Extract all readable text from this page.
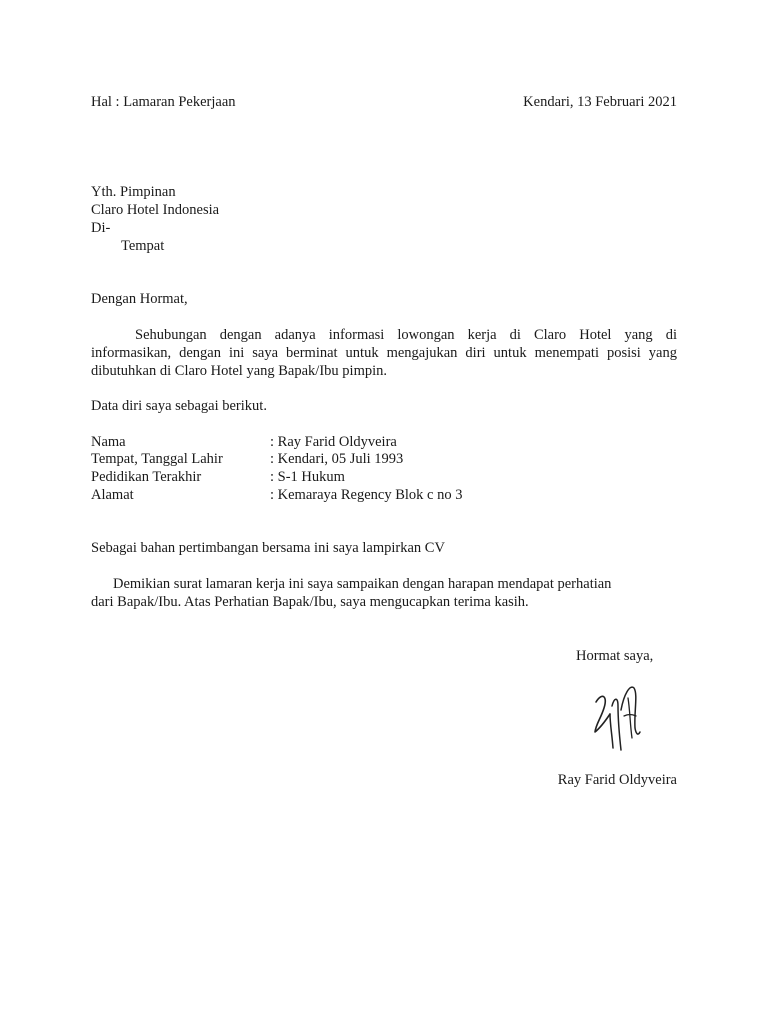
Hal : Lamaran Pekerjaan	Kendari, 13 Februari 2021
Yth. Pimpinan
Claro Hotel Indonesia
Di-
Tempat
Dengan Hormat,
Sehubungan dengan adanya informasi lowongan kerja di Claro Hotel yang di
informasikan, dengan ini saya berminat untuk mengajukan diri untuk menempati posisi yang
dibutuhkan di Claro Hotel yang Bapak/Ibu pimpin.
Data diri saya sebagai berikut.
Nama	: Ray Farid Oldyveira
Tempat, Tanggal Lahir	: Kendari, 05 Juli 1993
Pedidikan Terakhir	: S-1 Hukum
Alamat	: Kemaraya Regency Blok c no 3
Sebagai bahan pertimbangan bersama ini saya lampirkan CV
Demikian surat lamaran kerja ini saya sampaikan dengan harapan mendapat perhatian
dari Bapak/Ibu. Atas Perhatian Bapak/Ibu, saya mengucapkan terima kasih.
Hormat saya,
Ray Farid Oldyveira
